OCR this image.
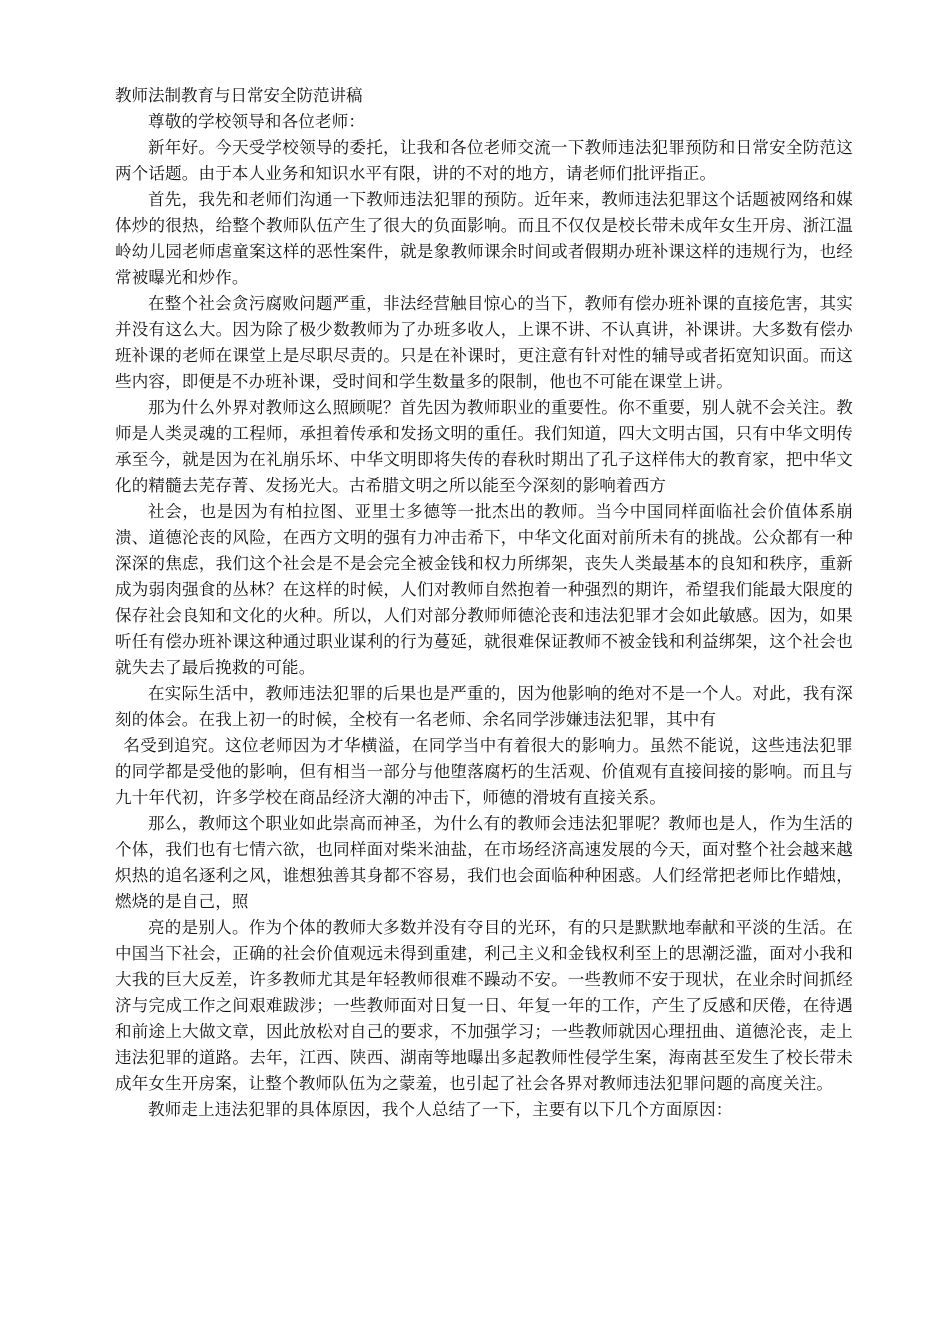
教师法制教育与日常安全防范讲稿

尊敬的学校领导和各位老师：

新年好。今天受学校领导的委托，让我和各位老师交流一下教师违法犯罪预防和日常安全防范这两个话题。由于本人业务和知识水平有限，讲的不对的地方，请老师们批评指正。

首先，我先和老师们沟通一下教师违法犯罪的预防。近年来，教师违法犯罪这个话题被网络和媒体炒的很热，给整个教师队伍产生了很大的负面影响。而且不仅仅是校长带未成年女生开房、浙江温岭幼儿园老师虐童案这样的恶性案件，就是象教师课余时间或者假期办班补课这样的违规行为，也经常被曝光和炒作。

在整个社会贪污腐败问题严重，非法经营触目惊心的当下，教师有偿办班补课的直接危害，其实并没有这么大。因为除了极少数教师为了办班多收人，上课不讲、不认真讲，补课讲。大多数有偿办班补课的老师在课堂上是尽职尽责的。只是在补课时，更注意有针对性的辅导或者拓宽知识面。而这些内容，即便是不办班补课，受时间和学生数量多的限制，他也不可能在课堂上讲。

那为什么外界对教师这么照顾呢？首先因为教师职业的重要性。你不重要，别人就不会关注。教师是人类灵魂的工程师，承担着传承和发扬文明的重任。我们知道，四大文明古国，只有中华文明传承至今，就是因为在礼崩乐坏、中华文明即将失传的春秋时期出了孔子这样伟大的教育家，把中华文化的精髓去芜存菁、发扬光大。古希腊文明之所以能至今深刻的影响着西方

社会，也是因为有柏拉图、亚里士多德等一批杰出的教师。当今中国同样面临社会价值体系崩溃、道德沦丧的风险，在西方文明的强有力冲击希下，中华文化面对前所未有的挑战。公众都有一种深深的焦虑，我们这个社会是不是会完全被金钱和权力所绑架，丧失人类最基本的良知和秩序，重新成为弱肉强食的丛林？在这样的时候，人们对教师自然抱着一种强烈的期许，希望我们能最大限度的保存社会良知和文化的火种。所以，人们对部分教师师德沦丧和违法犯罪才会如此敏感。因为，如果听任有偿办班补课这种通过职业谋利的行为蔓延，就很难保证教师不被金钱和利益绑架，这个社会也就失去了最后挽救的可能。

在实际生活中，教师违法犯罪的后果也是严重的，因为他影响的绝对不是一个人。对此，我有深刻的体会。在我上初一的时候，全校有一名老师、余名同学涉嫌违法犯罪，其中有

名受到追究。这位老师因为才华横溢，在同学当中有着很大的影响力。虽然不能说，这些违法犯罪的同学都是受他的影响，但有相当一部分与他堕落腐朽的生活观、价值观有直接间接的影响。而且与九十年代初，许多学校在商品经济大潮的冲击下，师德的滑坡有直接关系。

那么，教师这个职业如此崇高而神圣，为什么有的教师会违法犯罪呢？教师也是人，作为生活的个体，我们也有七情六欲，也同样面对柴米油盐，在市场经济高速发展的今天，面对整个社会越来越炽热的追名逐利之风，谁想独善其身都不容易，我们也会面临种种困惑。人们经常把老师比作蜡烛，燃烧的是自己，照

亮的是别人。作为个体的教师大多数并没有夺目的光环，有的只是默默地奉献和平淡的生活。在中国当下社会，正确的社会价值观远未得到重建，利己主义和金钱权利至上的思潮泛滥，面对小我和大我的巨大反差，许多教师尤其是年轻教师很难不躁动不安。一些教师不安于现状，在业余时间抓经济与完成工作之间艰难跋涉；一些教师面对日复一日、年复一年的工作，产生了反感和厌倦，在待遇和前途上大做文章，因此放松对自己的要求，不加强学习；一些教师就因心理扭曲、道德沦丧，走上违法犯罪的道路。去年，江西、陕西、湖南等地曝出多起教师性侵学生案，海南甚至发生了校长带未成年女生开房案，让整个教师队伍为之蒙羞，也引起了社会各界对教师违法犯罪问题的高度关注。

教师走上违法犯罪的具体原因，我个人总结了一下，主要有以下几个方面原因：
